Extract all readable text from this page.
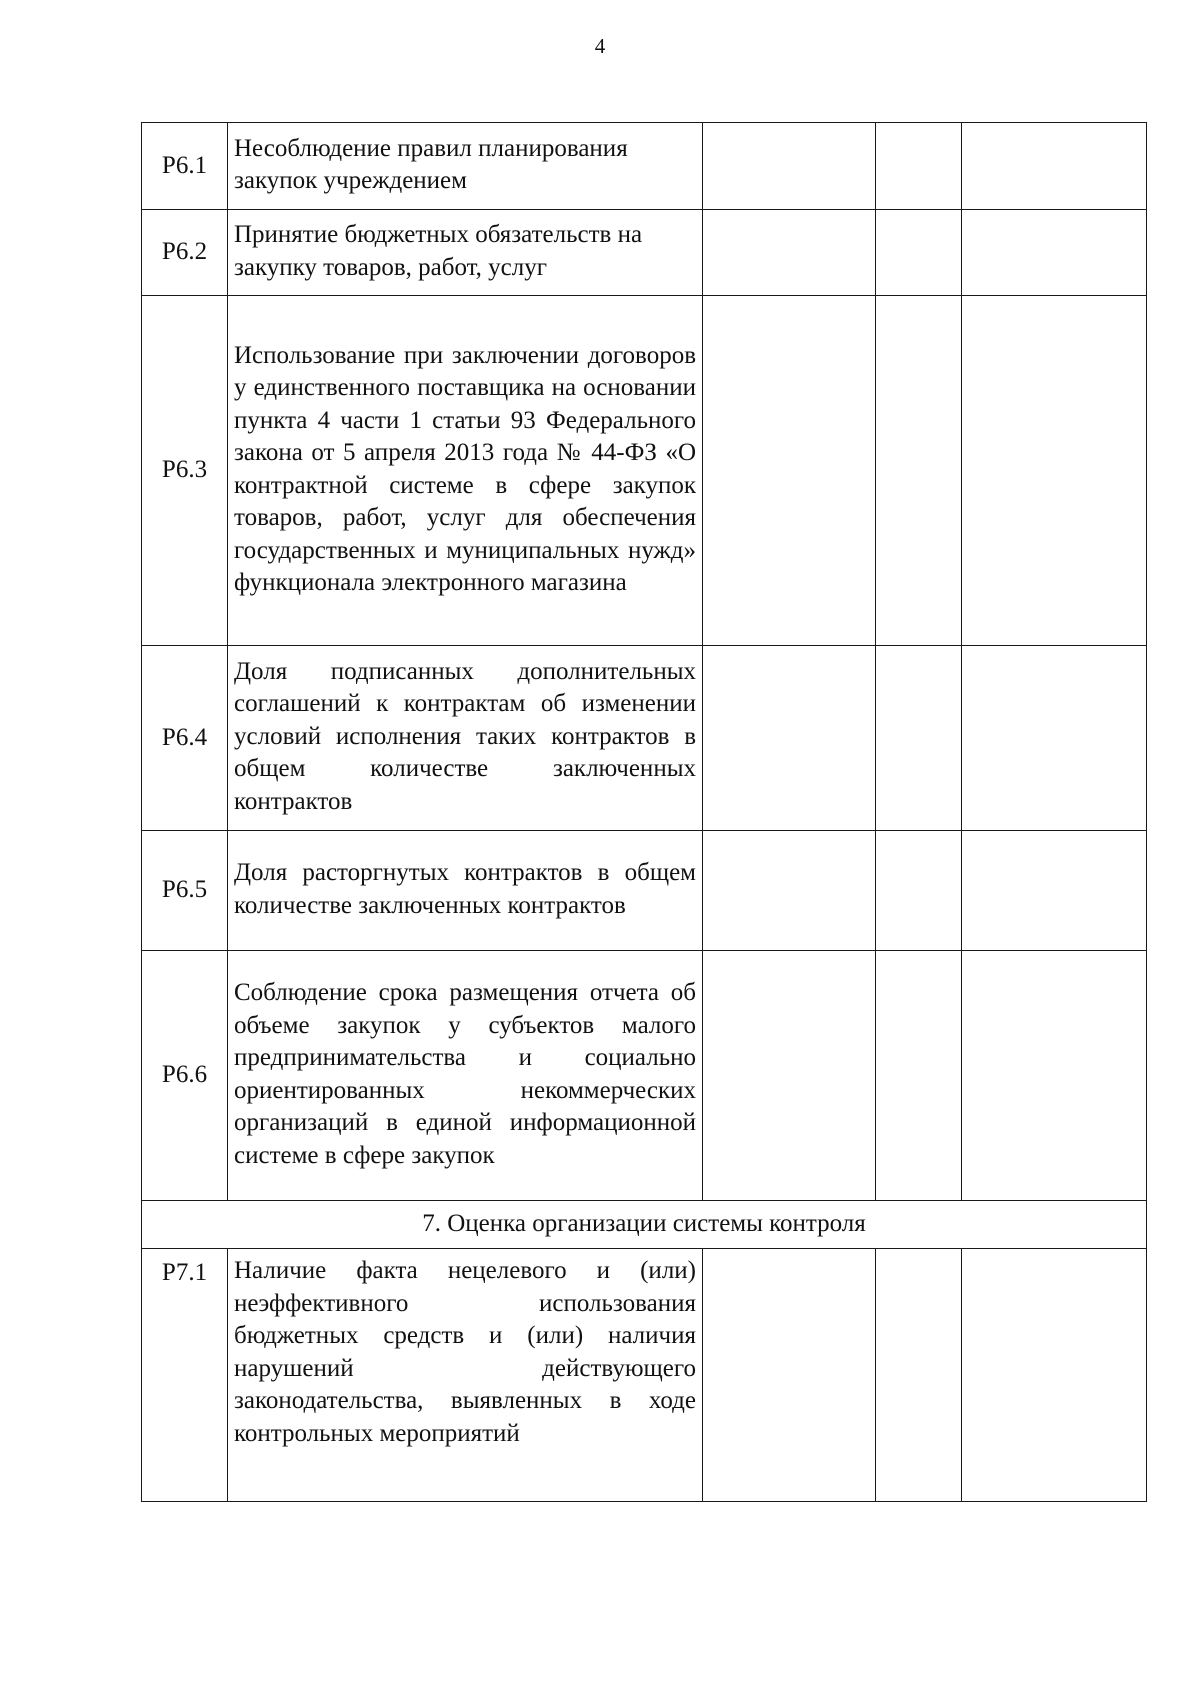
4
Р6.1	Несоблюдение правил планирования закупок учреждением			
Р6.2	Принятие бюджетных обязательств на закупку товаров, работ, услуг			
Р6.3	Использование при заключении договоров у единственного поставщика на основании пункта 4 части 1 статьи 93 Федерального закона от 5 апреля 2013 года № 44-ФЗ «О контрактной системе в сфере закупок товаров, работ, услуг для обеспечения государственных и муниципальных нужд» функционала электронного магазина			
Р6.4	Доля подписанных дополнительных соглашений к контрактам об изменении условий исполнения таких контрактов в общем количестве заключенных контрактов			
Р6.5	Доля расторгнутых контрактов в общем количестве заключенных контрактов			
Р6.6	Соблюдение срока размещения отчета об объеме закупок у субъектов малого предпринимательства и социально ориентированных некоммерческих организаций в единой информационной системе в сфере закупок			
7. Оценка организации системы контроля				
Р7.1	Наличие факта нецелевого и (или) неэффективного использования бюджетных средств и (или) наличия нарушений действующего законодательства, выявленных в ходе контрольных мероприятий			
